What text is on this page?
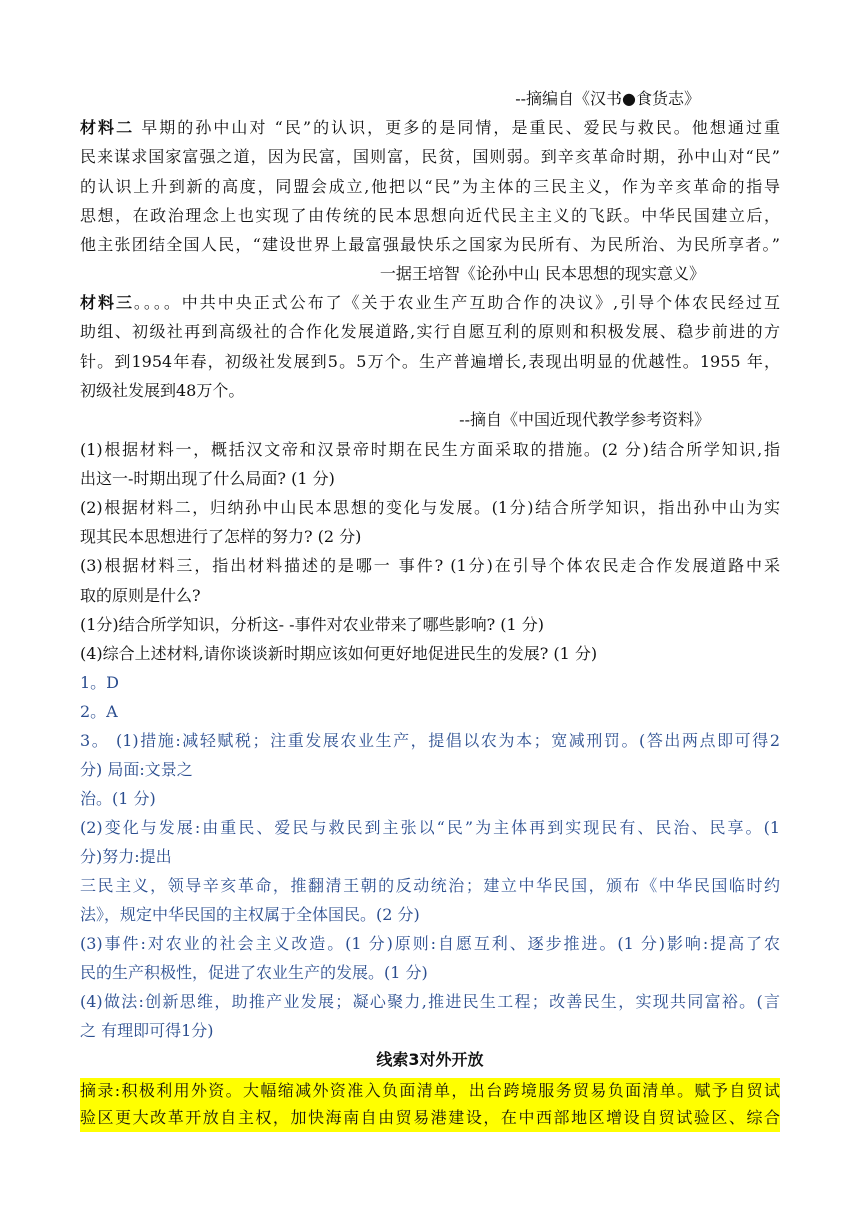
--摘编自《汉书●食货志》
材料二 早期的孙中山对 “民”的认识，更多的是同情，是重民、爱民与救民。他想通过重
民来谋求国家富强之道，因为民富，国则富，民贫，国则弱。到辛亥革命时期，孙中山对“民”
的认识上升到新的高度，同盟会成立,他把以“民”为主体的三民主义，作为辛亥革命的指导
思想，在政治理念上也实现了由传统的民本思想向近代民主主义的飞跃。中华民国建立后，
他主张团结全国人民，“建设世界上最富强最快乐之国家为民所有、为民所治、为民所享者。”
一据王培智《论孙中山 民本思想的现实意义》
材料三。。。。中共中央正式公布了《关于农业生产互助合作的决议》,引导个体农民经过互
助组、初级社再到高级社的合作化发展道路,实行自愿互利的原则和积极发展、稳步前进的方
针。到1954年春，初级社发展到5。5万个。生产普遍增长,表现出明显的优越性。1955 年，
初级社发展到48万个。
--摘自《中国近现代教学参考资料》
(1)根据材料一，概括汉文帝和汉景帝时期在民生方面采取的措施。(2 分)结合所学知识,指
出这一-时期出现了什么局面? (1 分)
(2)根据材料二，归纳孙中山民本思想的变化与发展。(1分)结合所学知识，指出孙中山为实
现其民本思想进行了怎样的努力? (2 分)
(3)根据材料三，指出材料描述的是哪一 事件? (1分)在引导个体农民走合作发展道路中采
取的原则是什么?
(1分)结合所学知识，分析这- -事件对农业带来了哪些影响? (1 分)
(4)综合上述材料,请你谈谈新时期应该如何更好地促进民生的发展? (1 分)
1。D
2。A
3。 (1)措施:减轻赋税；注重发展农业生产，提倡以农为本；宽减刑罚。(答出两点即可得2
分) 局面:文景之
治。(1 分)
(2)变化与发展:由重民、爱民与救民到主张以“民”为主体再到实现民有、民治、民享。(1
分)努力:提出
三民主义，领导辛亥革命，推翻清王朝的反动统治；建立中华民国，颁布《中华民国临时约
法》，规定中华民国的主权属于全体国民。(2 分)
(3)事件:对农业的社会主义改造。(1 分)原则:自愿互利、逐步推进。(1 分)影响:提高了农
民的生产积极性，促进了农业生产的发展。(1 分)
(4)做法:创新思维，助推产业发展；凝心聚力,推进民生工程；改善民生，实现共同富裕。(言
之 有理即可得1分)
线索3对外开放
摘录:积极利用外资。大幅缩减外资准入负面清单，出台跨境服务贸易负面清单。赋予自贸试
验区更大改革开放自主权，加快海南自由贸易港建设，在中西部地区增设自贸试验区、综合
